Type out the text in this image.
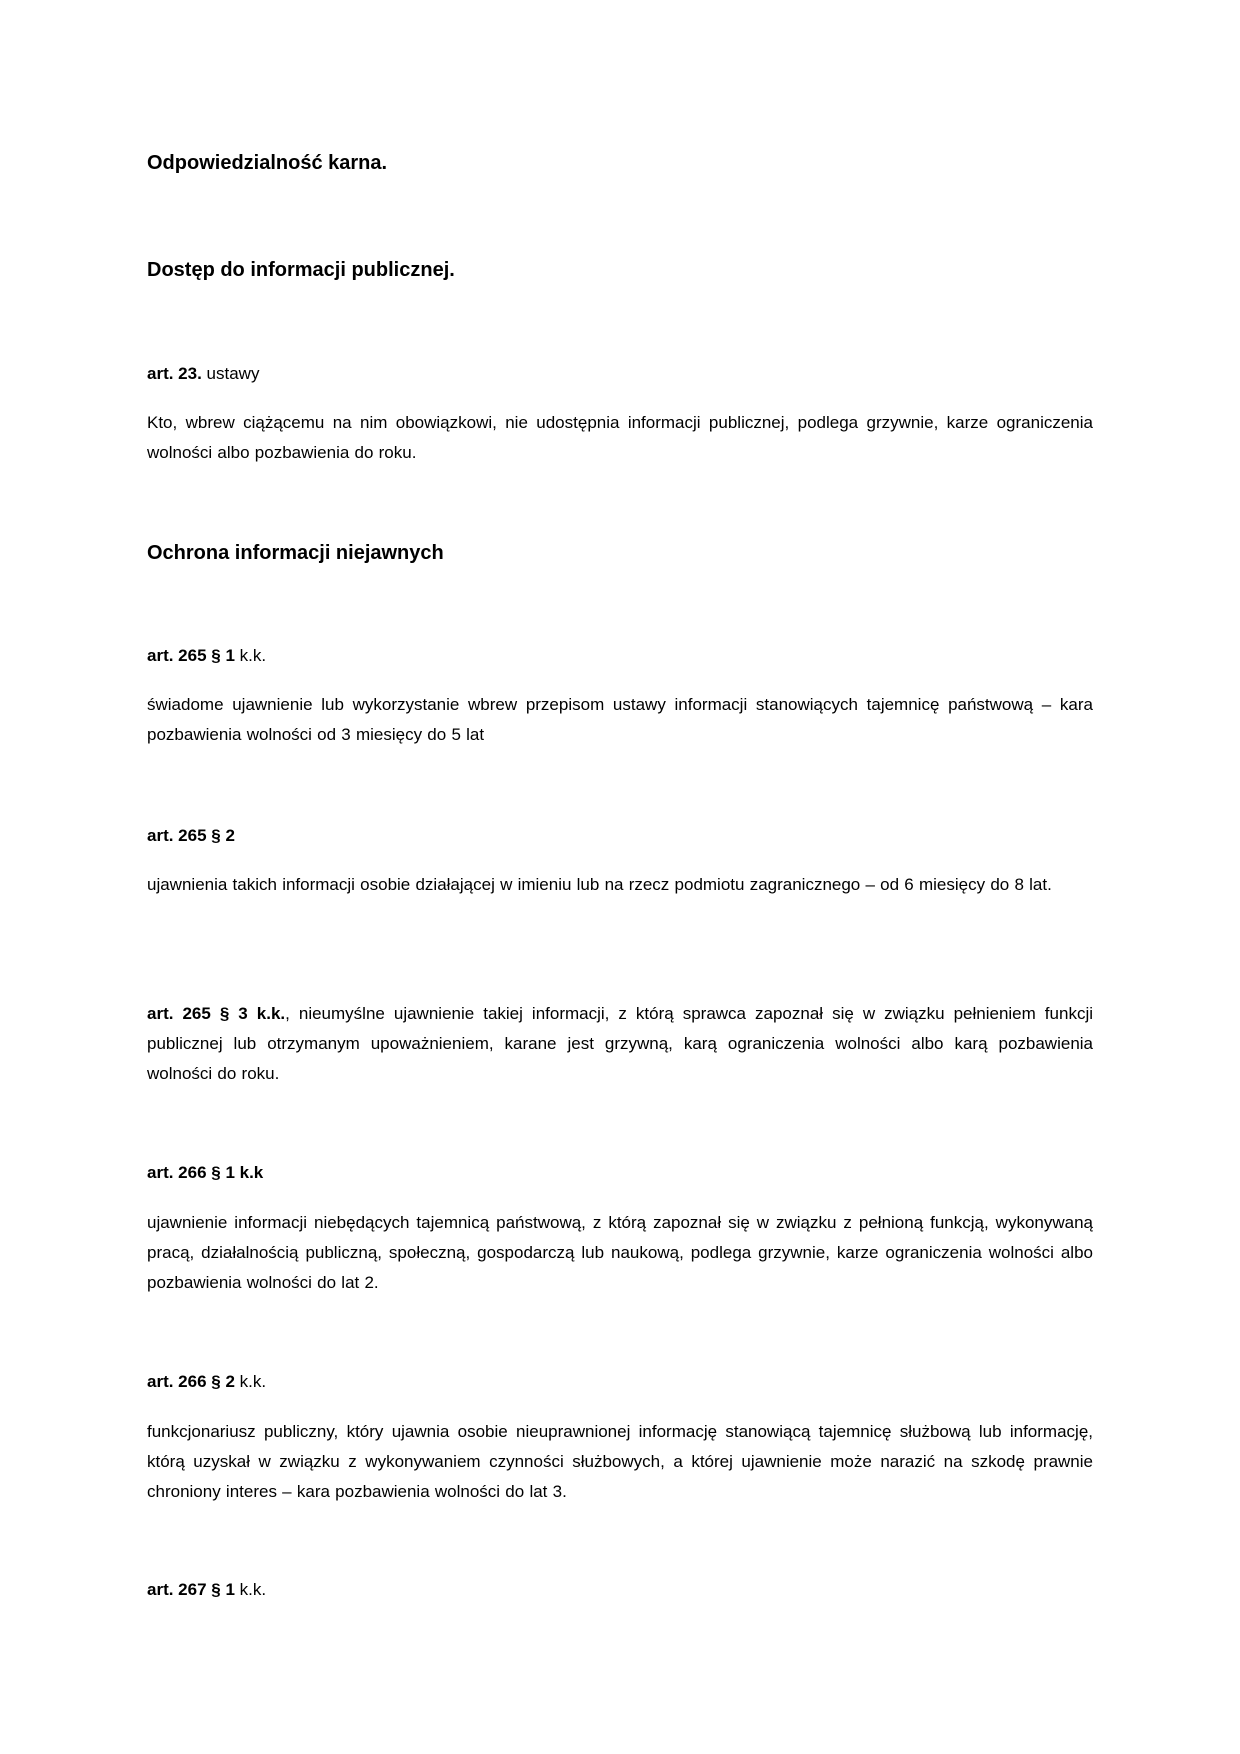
Odpowiedzialność karna.
Dostęp do informacji publicznej.
art. 23. ustawy

Kto, wbrew ciążącemu na nim obowiązkowi, nie udostępnia informacji publicznej, podlega grzywnie, karze ograniczenia wolności albo pozbawienia do roku.

Ochrona informacji niejawnych
art. 265 § 1 k.k.

świadome ujawnienie lub wykorzystanie wbrew przepisom ustawy informacji stanowiących tajemnicę państwową – kara pozbawienia wolności od 3 miesięcy do 5 lat

art. 265 § 2

ujawnienia takich informacji osobie działającej w imieniu lub na rzecz podmiotu zagranicznego – od 6 miesięcy do 8 lat.

art. 265 § 3 k.k., nieumyślne ujawnienie takiej informacji, z którą sprawca zapoznał się w związku pełnieniem funkcji publicznej lub otrzymanym upoważnieniem, karane jest grzywną, karą ograniczenia wolności albo karą pozbawienia wolności do roku.

art. 266 § 1 k.k

ujawnienie informacji niebędących tajemnicą państwową, z którą zapoznał się w związku z pełnioną funkcją, wykonywaną pracą, działalnością publiczną, społeczną, gospodarczą lub naukową, podlega grzywnie, karze ograniczenia wolności albo pozbawienia wolności do lat 2.

art. 266 § 2 k.k.

funkcjonariusz publiczny, który ujawnia osobie nieuprawnionej informację stanowiącą tajemnicę służbową lub informację, którą uzyskał w związku z wykonywaniem czynności służbowych, a której ujawnienie może narazić na szkodę prawnie chroniony interes – kara pozbawienia wolności do lat 3.

art. 267 § 1 k.k.
